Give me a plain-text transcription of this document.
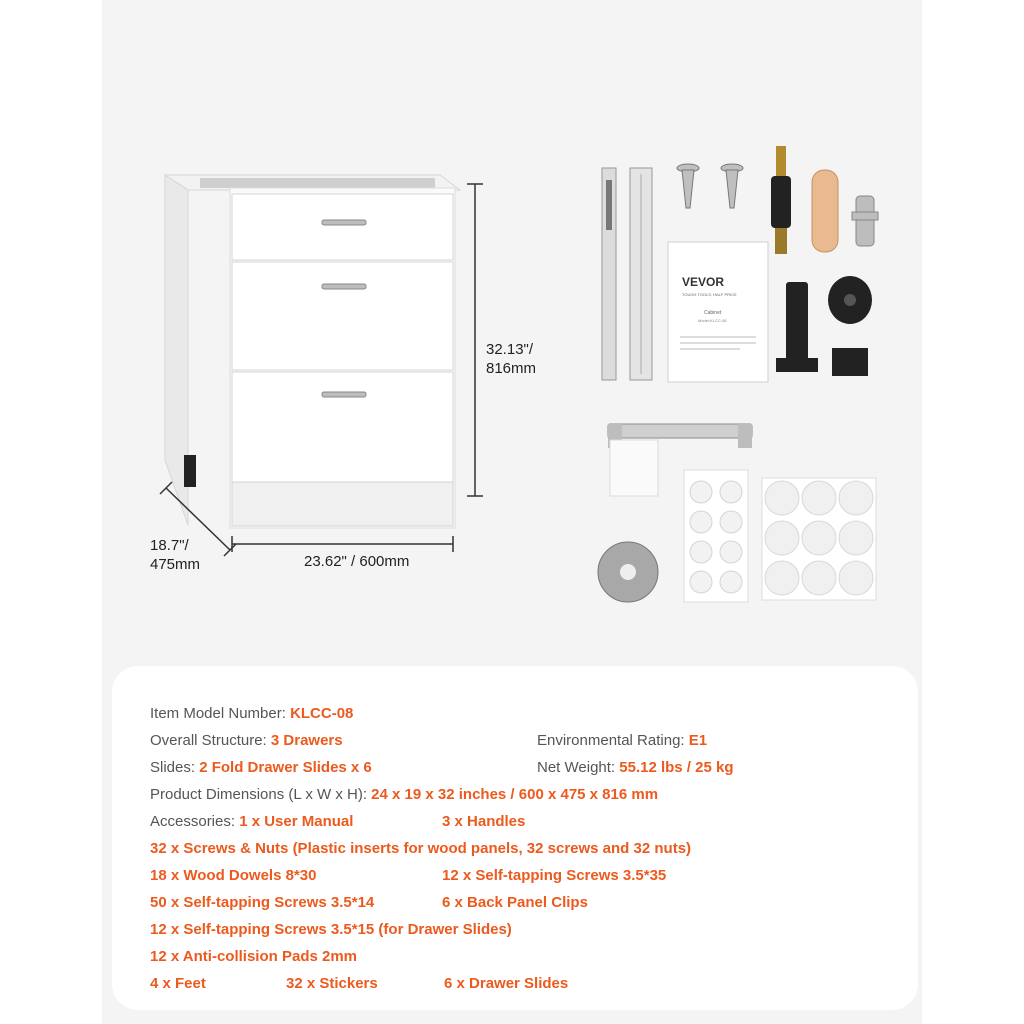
32.13"/
816mm
18.7"/
475mm	23.62" / 600mm
VEVOR
TOUGH TOOLS, HALF PRICE
Cabinet
Model:KLCC-08
Item Model Number: KLCC-08
Overall Structure: 3 Drawers	Environmental Rating: E1
Slides: 2 Fold Drawer Slides x 6	Net Weight: 55.12 lbs / 25 kg
Product Dimensions (L x W x H): 24 x 19 x 32 inches / 600 x 475 x 816 mm
Accessories: 1 x User Manual	3 x Handles
32 x Screws & Nuts (Plastic inserts for wood panels, 32 screws and 32 nuts)
18 x Wood Dowels 8*30	12 x Self-tapping Screws 3.5*35
50 x Self-tapping Screws 3.5*14	6 x Back Panel Clips
12 x Self-tapping Screws 3.5*15 (for Drawer Slides)
12 x Anti-collision Pads 2mm
4 x Feet	32 x Stickers	6 x Drawer Slides
